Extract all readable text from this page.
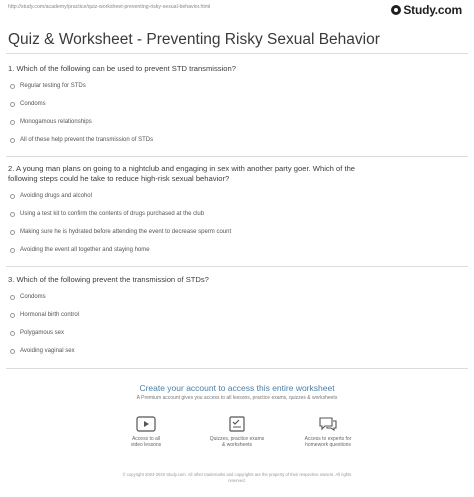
http://study.com/academy/practice/quiz-worksheet-preventing-risky-sexual-behavior.html	Study.com
Quiz & Worksheet - Preventing Risky Sexual Behavior
1. Which of the following can be used to prevent STD transmission?
Regular testing for STDs
Condoms
Monogamous relationships
All of these help prevent the transmission of STDs
2. A young man plans on going to a nightclub and engaging in sex with another party goer. Which of the
following steps could he take to reduce high-risk sexual behavior?
Avoiding drugs and alcohol
Using a test kit to confirm the contents of drugs purchased at the club
Making sure he is hydrated before attending the event to decrease sperm count
Avoiding the event all together and staying home
3. Which of the following prevent the transmission of STDs?
Condoms
Hormonal birth control
Polygamous sex
Avoiding vaginal sex
Create your account to access this entire worksheet
A Premium account gives you access to all lessons, practice exams, quizzes & worksheets
Access to all
video lessons
Quizzes, practice exams
& worksheets
Access to experts for
homework questions
© copyright 2003-2020 Study.com. All other trademarks and copyrights are the property of their respective owners. All rights
reserved.
